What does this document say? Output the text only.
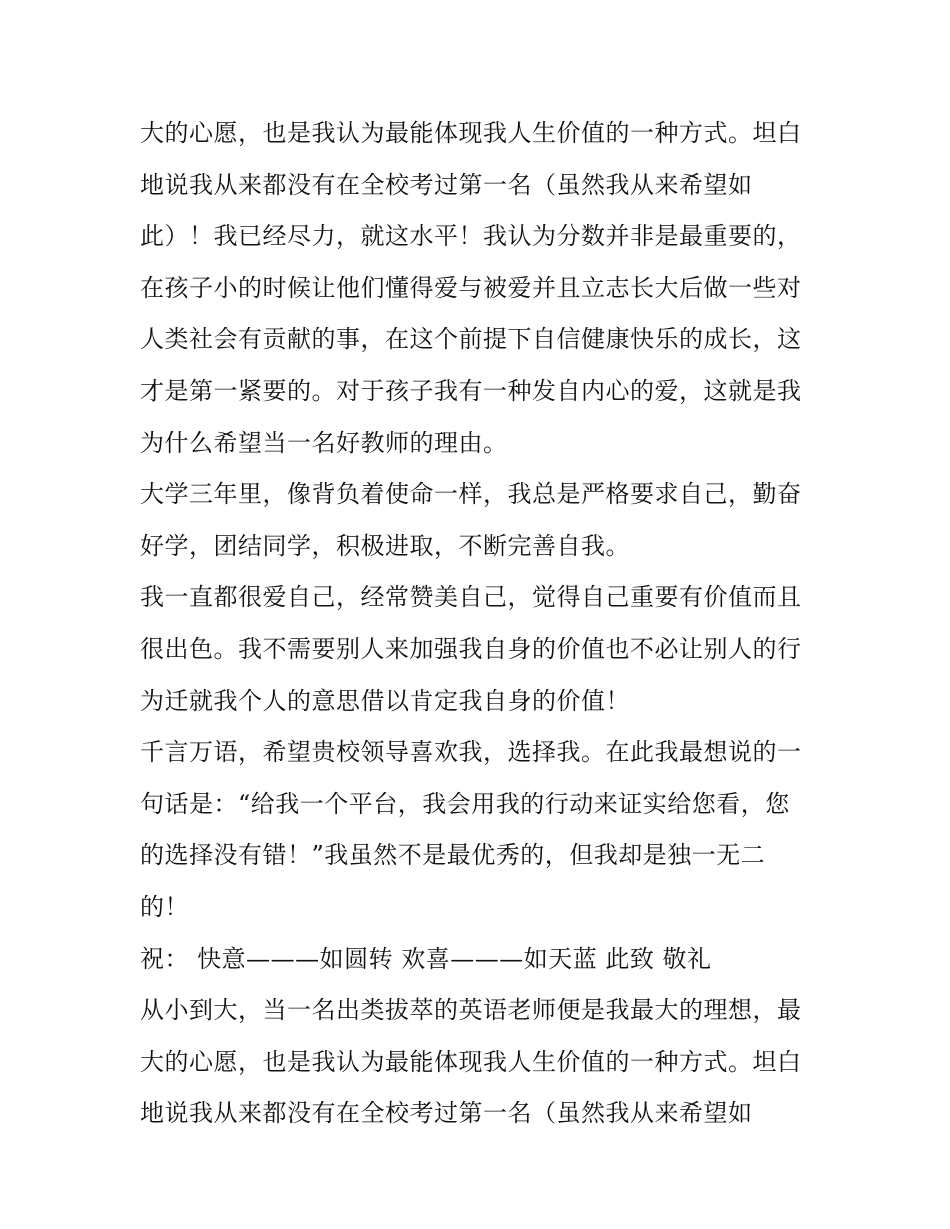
大的心愿，也是我认为最能体现我人生价值的一种方式。坦白
地说我从来都没有在全校考过第一名（虽然我从来希望如
此）！我已经尽力，就这水平！我认为分数并非是最重要的，
在孩子小的时候让他们懂得爱与被爱并且立志长大后做一些对
人类社会有贡献的事，在这个前提下自信健康快乐的成长，这
才是第一紧要的。对于孩子我有一种发自内心的爱，这就是我
为什么希望当一名好教师的理由。
大学三年里，像背负着使命一样，我总是严格要求自己，勤奋
好学，团结同学，积极进取，不断完善自我。
我一直都很爱自己，经常赞美自己，觉得自己重要有价值而且
很出色。我不需要别人来加强我自身的价值也不必让别人的行
为迁就我个人的意思借以肯定我自身的价值！
千言万语，希望贵校领导喜欢我，选择我。在此我最想说的一
句话是：“给我一个平台，我会用我的行动来证实给您看，您
的选择没有错！”我虽然不是最优秀的，但我却是独一无二
的！
祝： 快意———如圆转 欢喜———如天蓝 此致 敬礼
从小到大，当一名出类拔萃的英语老师便是我最大的理想，最
大的心愿，也是我认为最能体现我人生价值的一种方式。坦白
地说我从来都没有在全校考过第一名（虽然我从来希望如
